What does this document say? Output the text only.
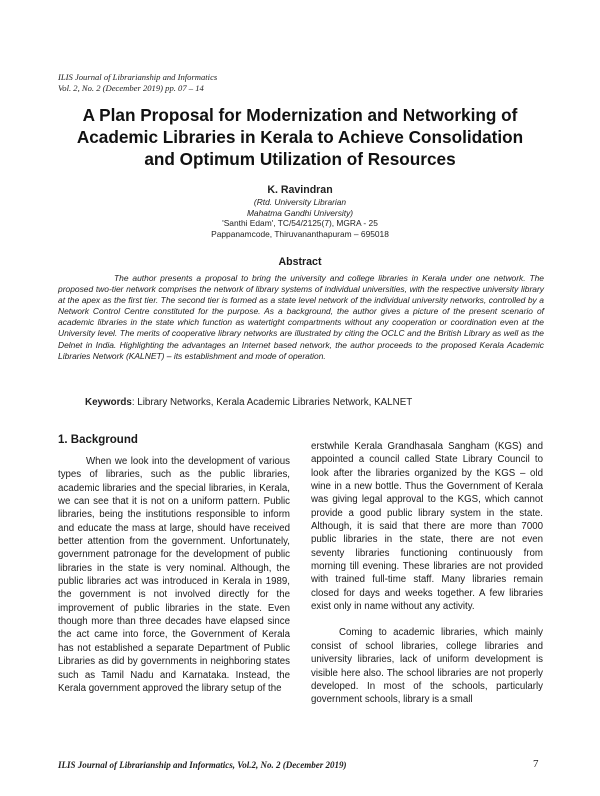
ILIS Journal of Librarianship and Informatics
Vol. 2, No. 2 (December 2019) pp. 07 – 14
A Plan Proposal for Modernization and Networking of
Academic Libraries in Kerala to Achieve Consolidation
and Optimum Utilization of Resources
K. Ravindran
(Rtd. University Librarian
Mahatma Gandhi University)
'Santhi Edam', TC/54/2125(7), MGRA - 25
Pappanamcode, Thiruvananthapuram – 695018
Abstract
The author presents a proposal to bring the university and college libraries in Kerala under one network. The proposed two-tier network comprises the network of library systems of individual universities, with the respective university library at the apex as the first tier. The second tier is formed as a state level network of the individual university networks, controlled by a Network Control Centre constituted for the purpose. As a background, the author gives a picture of the present scenario of academic libraries in the state which function as watertight compartments without any cooperation or coordination even at the University level. The merits of cooperative library networks are illustrated by citing the OCLC and the British Library as well as the Delnet in India. Highlighting the advantages an Internet based network, the author proceeds to the proposed Kerala Academic Libraries Network (KALNET) – its establishment and mode of operation.
Keywords: Library Networks, Kerala Academic Libraries Network, KALNET
1. Background

When we look into the development of various types of libraries, such as the public libraries, academic libraries and the special libraries, in Kerala, we can see that it is not on a uniform pattern. Public libraries, being the institutions responsible to inform and educate the mass at large, should have received better attention from the government. Unfortunately, government patronage for the development of public libraries in the state is very nominal. Although, the public libraries act was introduced in Kerala in 1989, the government is not involved directly for the improvement of public libraries in the state. Even though more than three decades have elapsed since the act came into force, the Government of Kerala has not established a separate Department of Public Libraries as did by governments in neighboring states such as Tamil Nadu and Karnataka. Instead, the Kerala government approved the library setup of the

erstwhile Kerala Grandhasala Sangham (KGS) and appointed a council called State Library Council to look after the libraries organized by the KGS – old wine in a new bottle. Thus the Government of Kerala was giving legal approval to the KGS, which cannot provide a good public library system in the state. Although, it is said that there are more than 7000 public libraries in the state, there are not even seventy libraries functioning continuously from morning till evening. These libraries are not provided with trained full-time staff. Many libraries remain closed for days and weeks together. A few libraries exist only in name without any activity.

Coming to academic libraries, which mainly consist of school libraries, college libraries and university libraries, lack of uniform development is visible here also. The school libraries are not properly developed. In most of the schools, particularly government schools, library is a small

ILIS Journal of Librarianship and Informatics, Vol.2, No. 2 (December 2019)	7
